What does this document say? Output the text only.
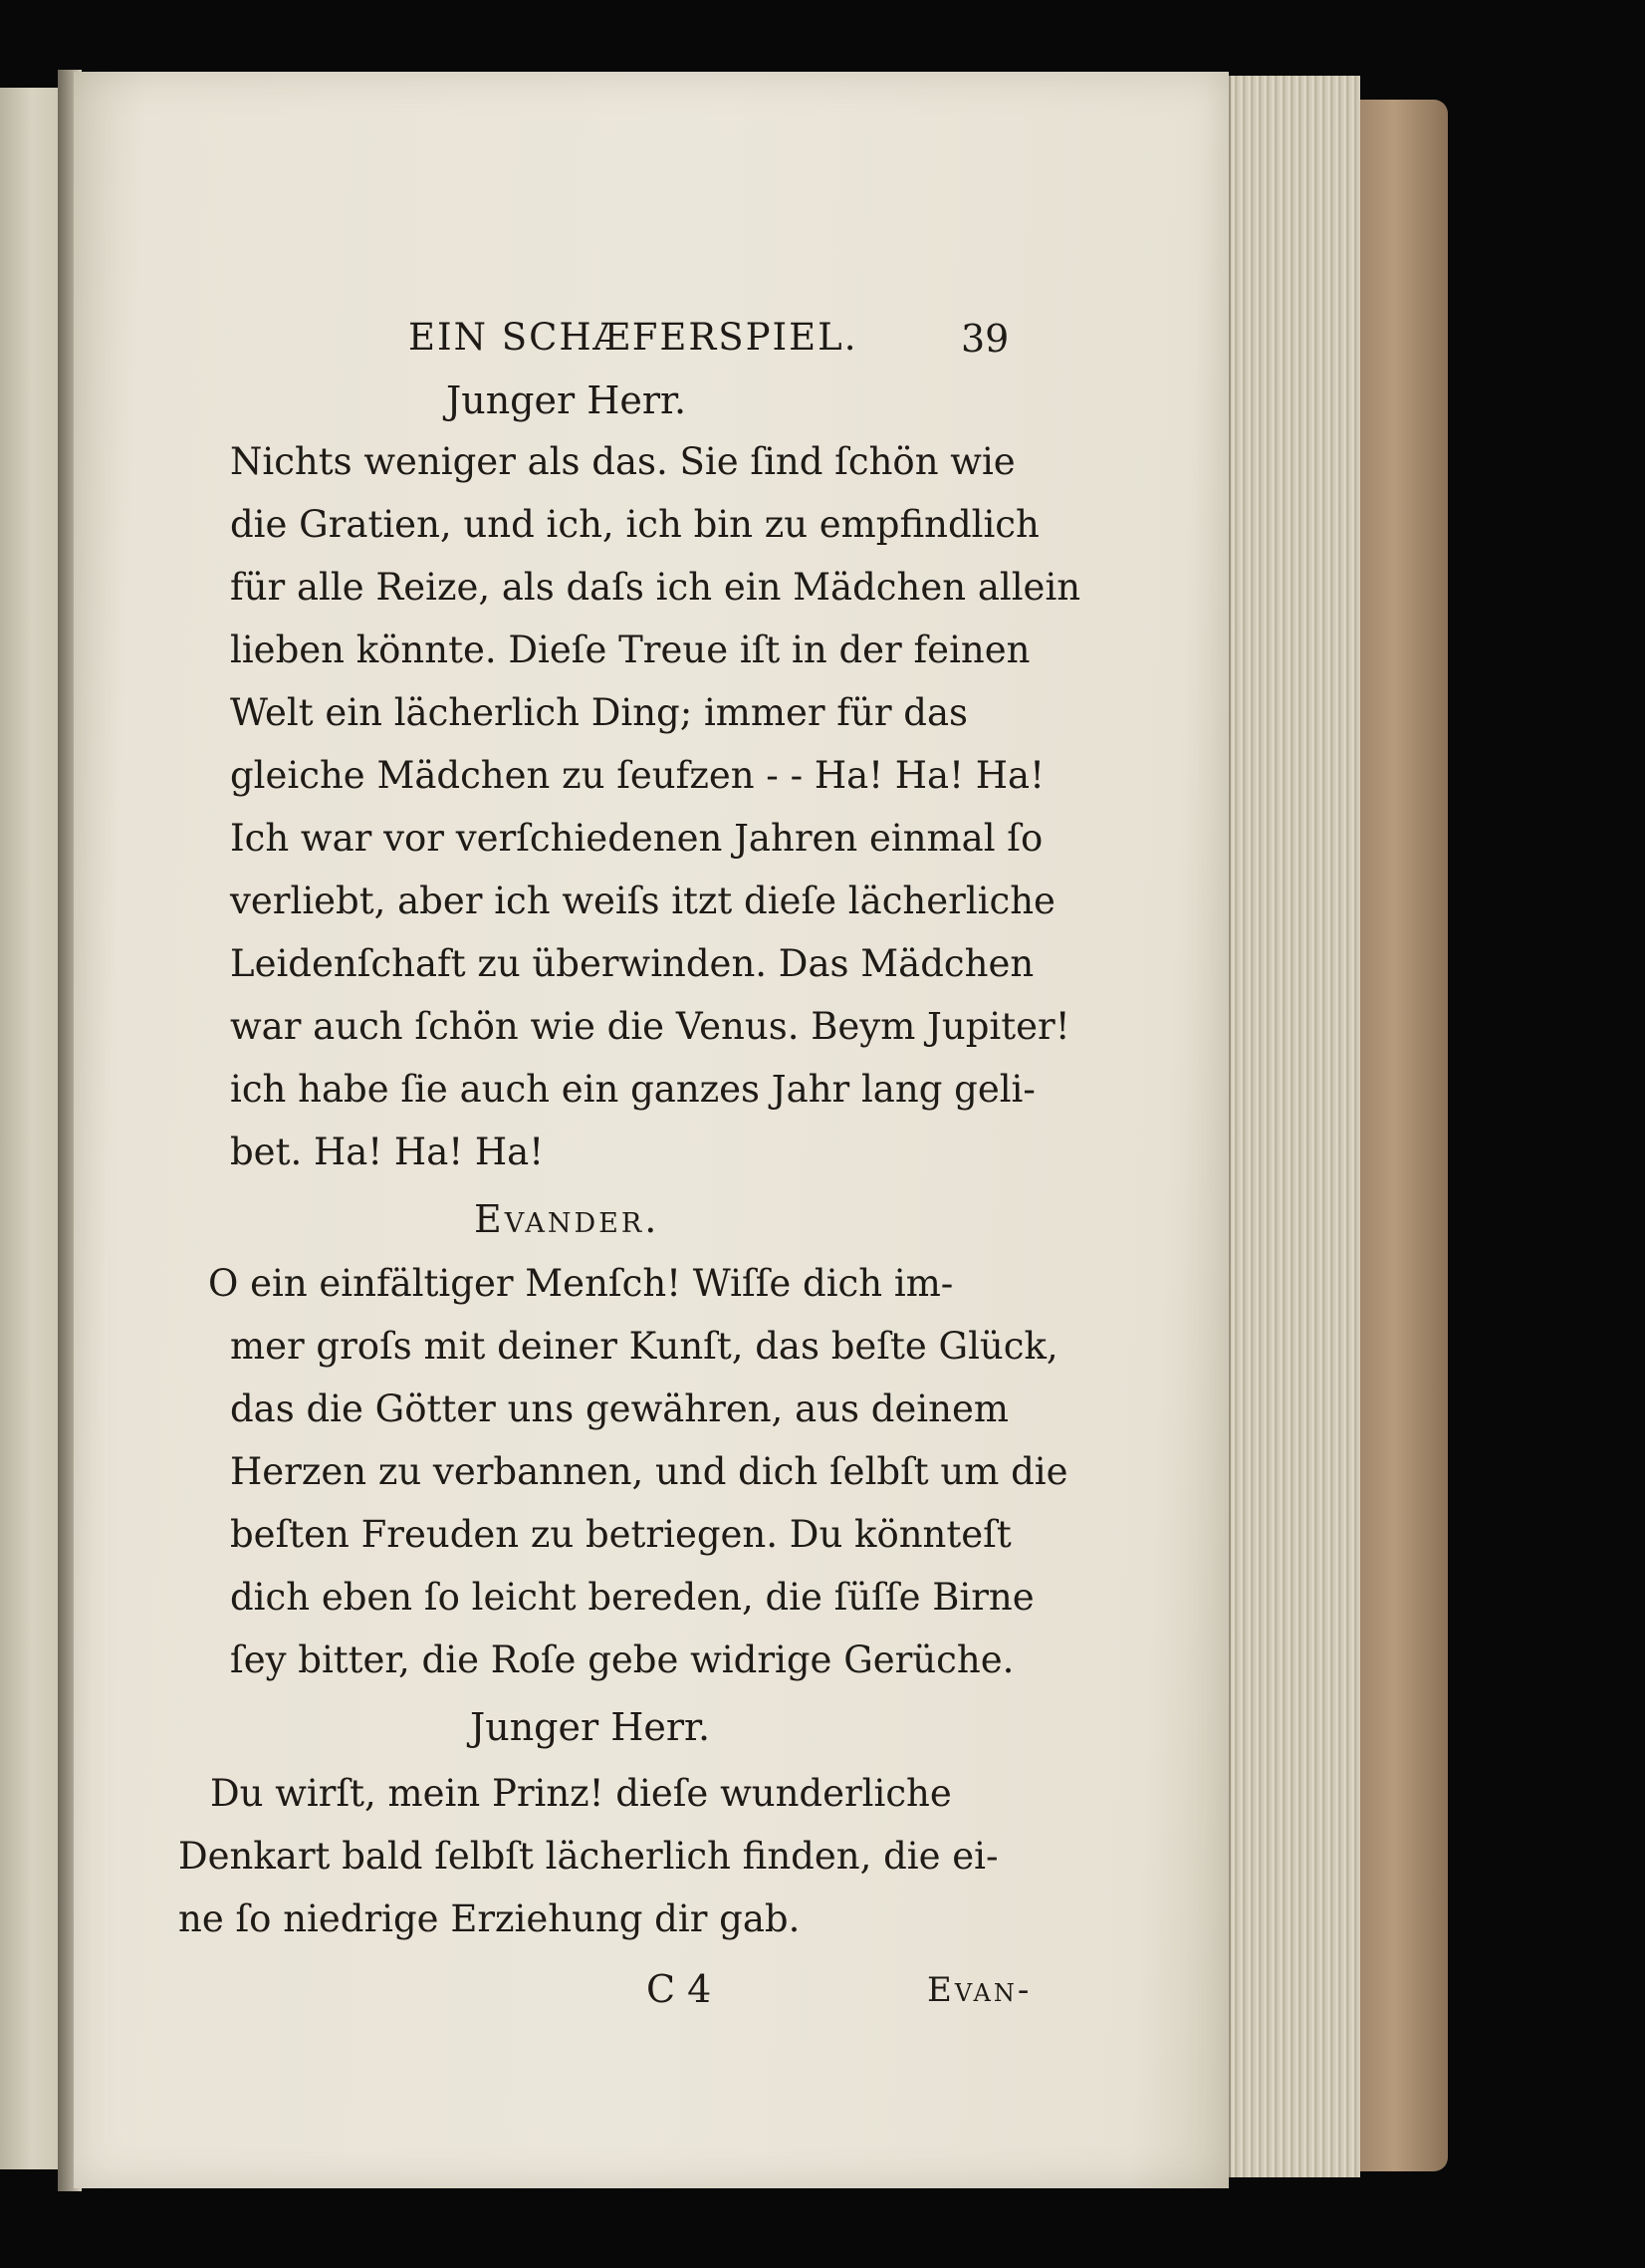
EIN SCHÆFERSPIEL.	39
Junger Herr.
Nichts weniger als das. Sie ſind ſchön wie
die Gratien, und ich, ich bin zu empfindlich
für alle Reize, als daſs ich ein Mädchen allein
lieben könnte. Dieſe Treue iſt in der feinen
Welt ein lächerlich Ding; immer für das
gleiche Mädchen zu ſeufzen - - Ha! Ha! Ha!
Ich war vor verſchiedenen Jahren einmal ſo
verliebt, aber ich weiſs itzt dieſe lächerliche
Leidenſchaft zu überwinden. Das Mädchen
war auch ſchön wie die Venus. Beym Jupiter!
ich habe ſie auch ein ganzes Jahr lang geli-
bet. Ha! Ha! Ha!
Evander.
O ein einfältiger Menſch! Wiſſe dich im-
mer groſs mit deiner Kunſt, das beſte Glück,
das die Götter uns gewähren, aus deinem
Herzen zu verbannen, und dich ſelbſt um die
beſten Freuden zu betriegen. Du könnteſt
dich eben ſo leicht bereden, die ſüſſe Birne
ſey bitter, die Roſe gebe widrige Gerüche.
Junger Herr.
Du wirſt, mein Prinz! dieſe wunderliche
Denkart bald ſelbſt lächerlich finden, die ei-
ne ſo niedrige Erziehung dir gab.
C 4	Evan-
